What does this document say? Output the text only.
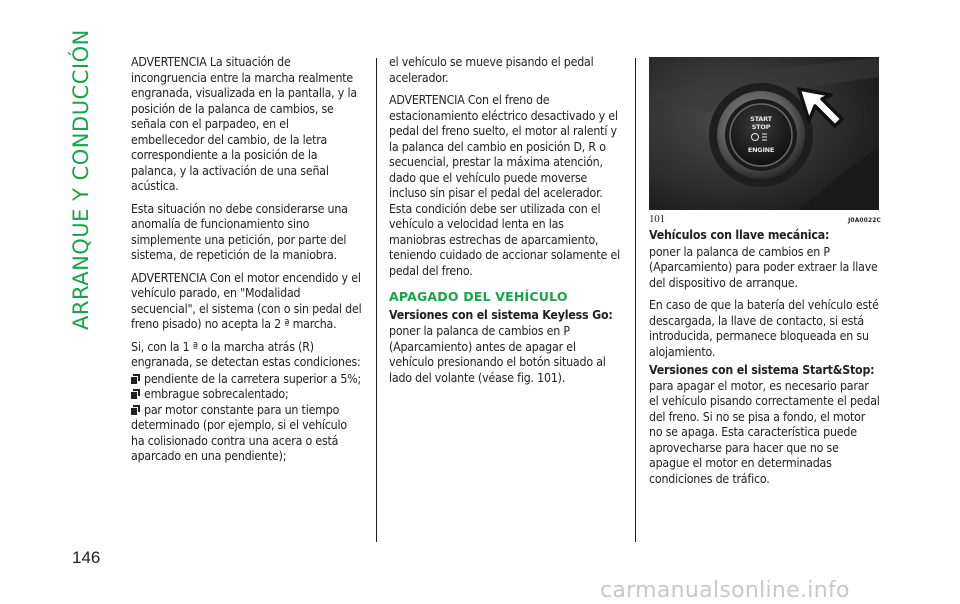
ARRANQUE Y CONDUCCIÓN
146

ADVERTENCIA La situación de incongruencia entre la marcha realmente engranada, visualizada en la pantalla, y la posición de la palanca de cambios, se señala con el parpadeo, en el embellecedor del cambio, de la letra correspondiente a la posición de la palanca, y la activación de una señal acústica.

Esta situación no debe considerarse una anomalía de funcionamiento sino simplemente una petición, por parte del sistema, de repetición de la maniobra.

ADVERTENCIA Con el motor encendido y el vehículo parado, en "Modalidad secuencial", el sistema (con o sin pedal del freno pisado) no acepta la 2 ª marcha.

Si, con la 1 ª o la marcha atrás (R) engranada, se detectan estas condiciones:

pendiente de la carretera superior a 5%;
embrague sobrecalentado;
par motor constante para un tiempo determinado (por ejemplo, si el vehículo ha colisionado contra una acera o está aparcado en una pendiente);

el vehículo se mueve pisando el pedal acelerador.

ADVERTENCIA Con el freno de estacionamiento eléctrico desactivado y el pedal del freno suelto, el motor al ralentí y la palanca del cambio en posición D, R o secuencial, prestar la máxima atención, dado que el vehículo puede moverse incluso sin pisar el pedal del acelerador. Esta condición debe ser utilizada con el vehículo a velocidad lenta en las maniobras estrechas de aparcamiento, teniendo cuidado de accionar solamente el pedal del freno.

APAGADO DEL VEHÍCULO
Versiones con el sistema Keyless Go:

poner la palanca de cambios en P (Aparcamiento) antes de apagar el vehículo presionando el botón situado al lado del volante (véase fig. 101).

START
STOP
ENGINE
101	J0A0022C
Vehículos con llave mecánica:

poner la palanca de cambios en P (Aparcamiento) para poder extraer la llave del dispositivo de arranque.

En caso de que la batería del vehículo esté descargada, la llave de contacto, si está introducida, permanece bloqueada en su alojamiento.

Versiones con el sistema Start&Stop: para apagar el motor, es necesario parar el vehículo pisando correctamente el pedal del freno. Si no se pisa a fondo, el motor no se apaga. Esta característica puede aprovecharse para hacer que no se apague el motor en determinadas condiciones de tráfico.

carmanualsonline.info
